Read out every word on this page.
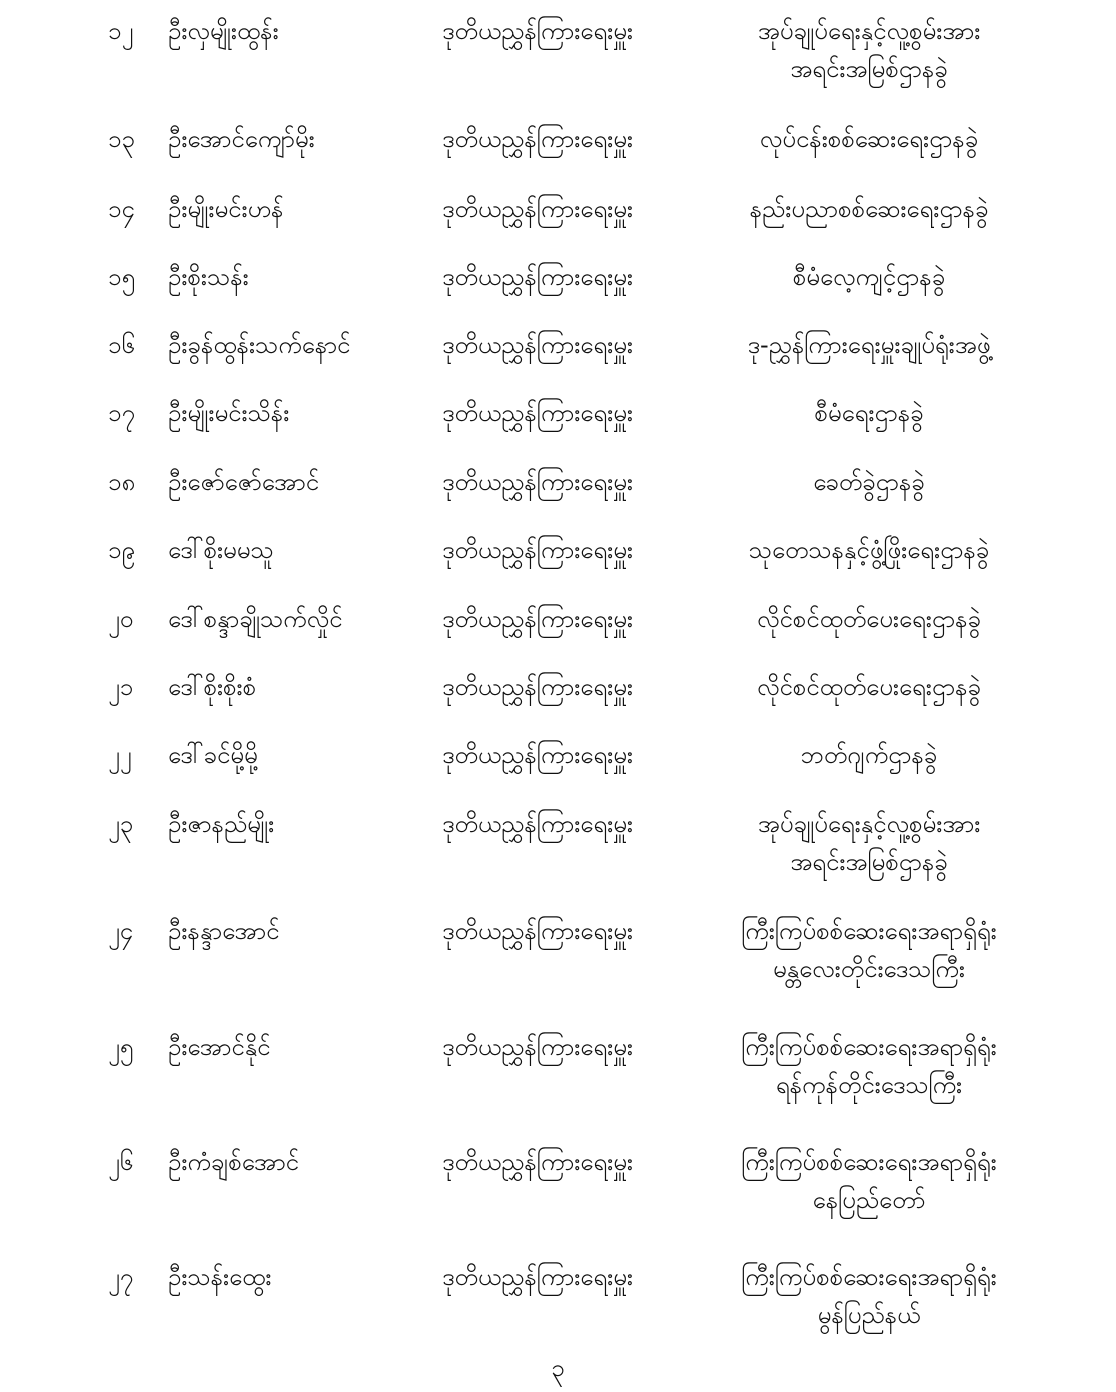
၁၂	ဦးလှမျိုးထွန်း	ဒုတိယညွှန်ကြားရေးမှူး	အုပ်ချုပ်ရေးနှင့်လူ့စွမ်းအား
အရင်းအမြစ်ဌာနခွဲ
၁၃	ဦးအောင်ကျော်မိုး	ဒုတိယညွှန်ကြားရေးမှူး	လုပ်ငန်းစစ်ဆေးရေးဌာနခွဲ
၁၄	ဦးမျိုးမင်းဟန်	ဒုတိယညွှန်ကြားရေးမှူး	နည်းပညာစစ်ဆေးရေးဌာနခွဲ
၁၅	ဦးစိုးသန်း	ဒုတိယညွှန်ကြားရေးမှူး	စီမံလေ့ကျင့်ဌာနခွဲ
၁၆	ဦးခွန်ထွန်းသက်နောင်	ဒုတိယညွှန်ကြားရေးမှူး	ဒု-ညွှန်ကြားရေးမှူးချုပ်ရုံးအဖွဲ့
၁၇	ဦးမျိုးမင်းသိန်း	ဒုတိယညွှန်ကြားရေးမှူး	စီမံရေးဌာနခွဲ
၁၈	ဦးဇော်ဇော်အောင်	ဒုတိယညွှန်ကြားရေးမှူး	ခေတ်ခွဲဌာနခွဲ
၁၉	ဒေါ်စိုးမမသူ	ဒုတိယညွှန်ကြားရေးမှူး	သုတေသနနှင့်ဖွံ့ဖြိုးရေးဌာနခွဲ
၂၀	ဒေါ်စန္ဒာချိုသက်လှိုင်	ဒုတိယညွှန်ကြားရေးမှူး	လိုင်စင်ထုတ်ပေးရေးဌာနခွဲ
၂၁	ဒေါ်စိုးစိုးစံ	ဒုတိယညွှန်ကြားရေးမှူး	လိုင်စင်ထုတ်ပေးရေးဌာနခွဲ
၂၂	ဒေါ်ခင်မို့မို့	ဒုတိယညွှန်ကြားရေးမှူး	ဘတ်ဂျက်ဌာနခွဲ
၂၃	ဦးဇာနည်မျိုး	ဒုတိယညွှန်ကြားရေးမှူး	အုပ်ချုပ်ရေးနှင့်လူ့စွမ်းအား
အရင်းအမြစ်ဌာနခွဲ
၂၄	ဦးနန္ဒာအောင်	ဒုတိယညွှန်ကြားရေးမှူး	ကြီးကြပ်စစ်ဆေးရေးအရာရှိရုံး
မန္တလေးတိုင်းဒေသကြီး
၂၅	ဦးအောင်နိုင်	ဒုတိယညွှန်ကြားရေးမှူး	ကြီးကြပ်စစ်ဆေးရေးအရာရှိရုံး
ရန်ကုန်တိုင်းဒေသကြီး
၂၆	ဦးကံချစ်အောင်	ဒုတိယညွှန်ကြားရေးမှူး	ကြီးကြပ်စစ်ဆေးရေးအရာရှိရုံး
နေပြည်တော်
၂၇	ဦးသန်းထွေး	ဒုတိယညွှန်ကြားရေးမှူး	ကြီးကြပ်စစ်ဆေးရေးအရာရှိရုံး
မွန်ပြည်နယ်
၃
